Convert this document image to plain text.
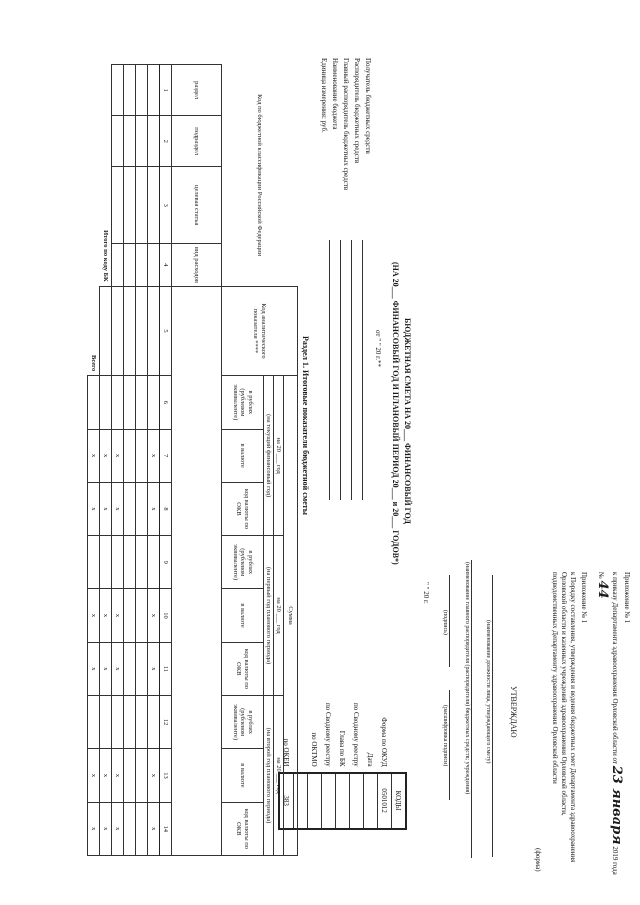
Приложение № 1
к приказу Департамента здравоохранения Орловской области от 23 января 2019 года
№ 44
Приложение № 1
к Порядку составления, утверждения и ведения бюджетных смет Департамента здравоохранения
Орловской области и казенных учреждений здравоохранения Орловской области,
подведомственных Департаменту здравоохранения Орловской области
(форма)
УТВЕРЖДАЮ
(наименование должности лица, утверждающего смету)
(наименование главного распорядителя (распорядителя) бюджетных средств; учреждения)
(подпись)
(расшифровка подписи)
" " 20 г.
	КОДЫ
Форма по ОКУД	0501012
Дата	
по Сводному реестру	
Глава по БК	
по Сводному реестру	
по ОКТМО	

по ОКЕИ	383
БЮДЖЕТНАЯ СМЕТА НА 20___ ФИНАНСОВЫЙ ГОД
(НА 20___ ФИНАНСОВЫЙ ГОД И ПЛАНОВЫЙ ПЕРИОД 20___ и 20___ ГОДОВ*)
от " " 20 г.**
Получатель бюджетных средств
Распорядитель бюджетных средств
Главный распорядитель бюджетных средств
Наименование бюджета
Единица измерения: руб.
Раздел 1. Итоговые показатели бюджетной сметы
Код по бюджетной классификации Российской Федерации				Код аналитического показателя ****	Сумма								
					на 20 ___ год			на 20 ___ год			на 20 ___ год		
					(на текущий финансовый год)			(на первый год планового периода)			(на второй год планового периода)		
					в рублях (рублевом эквиваленте)	в валюте	код валюты по ОКВ	в рублях (рублевом эквиваленте)	в валюте	код валюты по ОКВ	в рублях (рублевом эквиваленте)	в валюте	код валюты по ОКВ
раздел	подраздел	целевая статья	вид расходов										
1	2	3	4	5	6	7	8	9	10	11	12	13	14
						х	х		х	х		х	х

						х	х		х	х		х	х
Итого по коду БК						х	х		х	х		х	х
Всего						х	х		х	х		х	х
